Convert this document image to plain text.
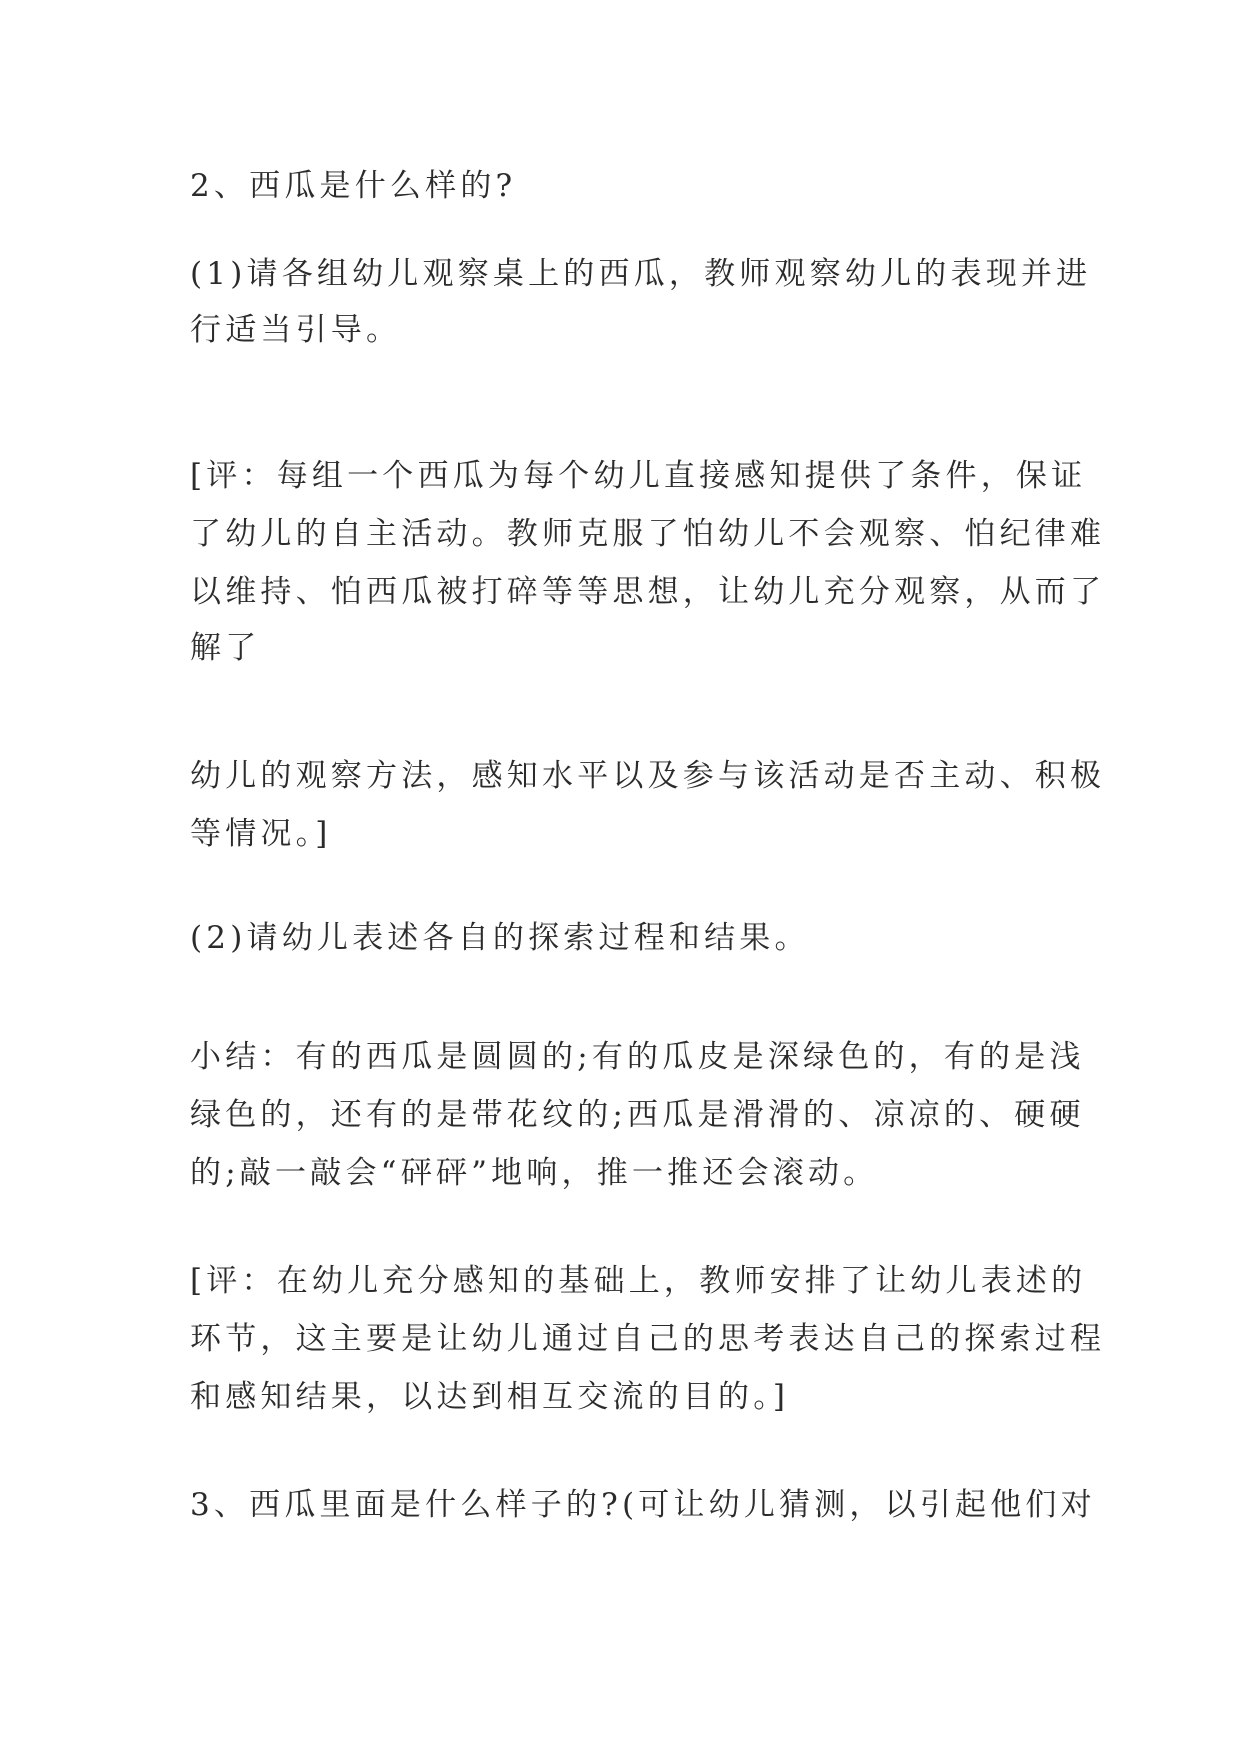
2、西瓜是什么样的?
(1)请各组幼儿观察桌上的西瓜，教师观察幼儿的表现并进
行适当引导。
[评：每组一个西瓜为每个幼儿直接感知提供了条件，保证
了幼儿的自主活动。教师克服了怕幼儿不会观察、怕纪律难
以维持、怕西瓜被打碎等等思想，让幼儿充分观察，从而了
解了
幼儿的观察方法，感知水平以及参与该活动是否主动、积极
等情况。]
(2)请幼儿表述各自的探索过程和结果。
小结：有的西瓜是圆圆的;有的瓜皮是深绿色的，有的是浅
绿色的，还有的是带花纹的;西瓜是滑滑的、凉凉的、硬硬
的;敲一敲会“砰砰”地响，推一推还会滚动。
[评：在幼儿充分感知的基础上，教师安排了让幼儿表述的
环节，这主要是让幼儿通过自己的思考表达自己的探索过程
和感知结果，以达到相互交流的目的。]
3、西瓜里面是什么样子的?(可让幼儿猜测，以引起他们对
